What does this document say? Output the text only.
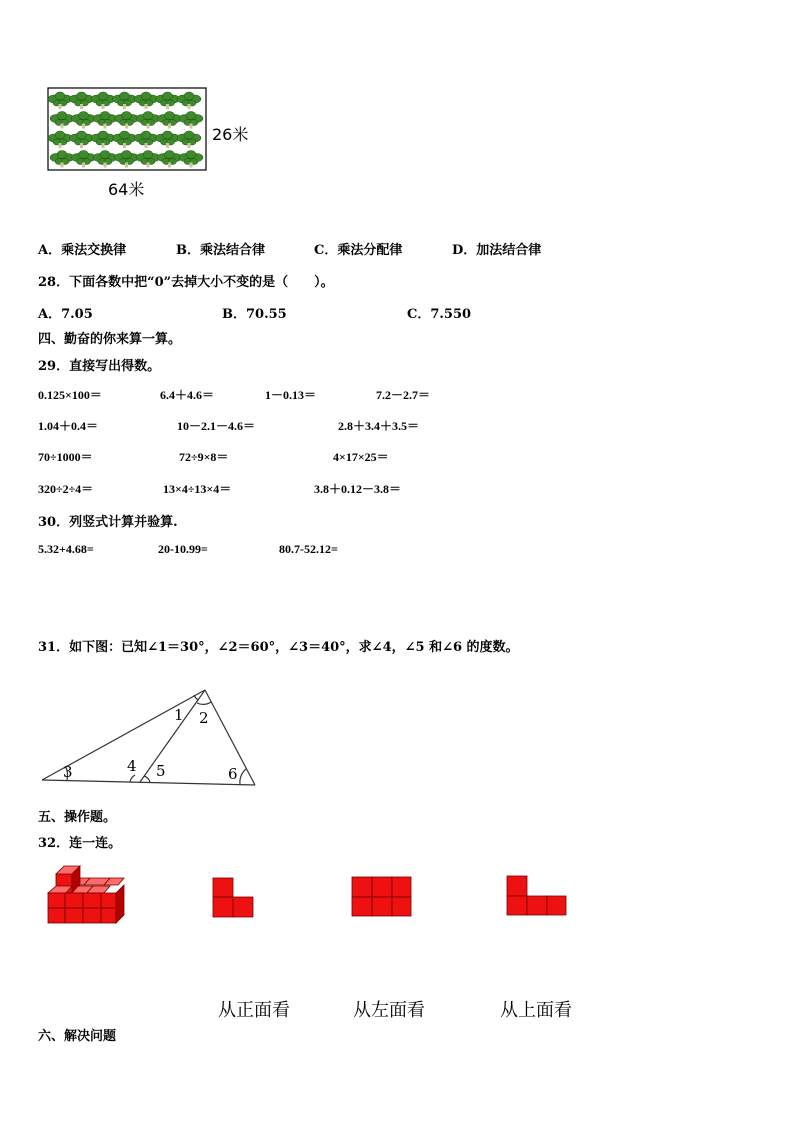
26米
64米
A．乘法交换律	B．乘法结合律	C．乘法分配律	D．加法结合律
28．下面各数中把“0”去掉大小不变的是（　　）。
A．7.05	B．70.55	C．7.550
四、勤奋的你来算一算。
29．直接写出得数。
0.125×100＝	6.4＋4.6＝	1－0.13＝	7.2－2.7＝
1.04＋0.4＝	10－2.1－4.6＝	2.8＋3.4＋3.5＝
70÷1000＝	72÷9×8＝	4×17×25＝
320÷2÷4＝	13×4÷13×4＝	3.8＋0.12－3.8＝
30．列竖式计算并验算.
5.32+4.68=	20-10.99=	80.7-52.12=
31．如下图：已知∠1＝30°，∠2＝60°，∠3＝40°，求∠4，∠5 和∠6 的度数。
3
1 2
4 5	6
五、操作题。
32．连一连。
从正面看	从左面看	从上面看
六、解决问题
